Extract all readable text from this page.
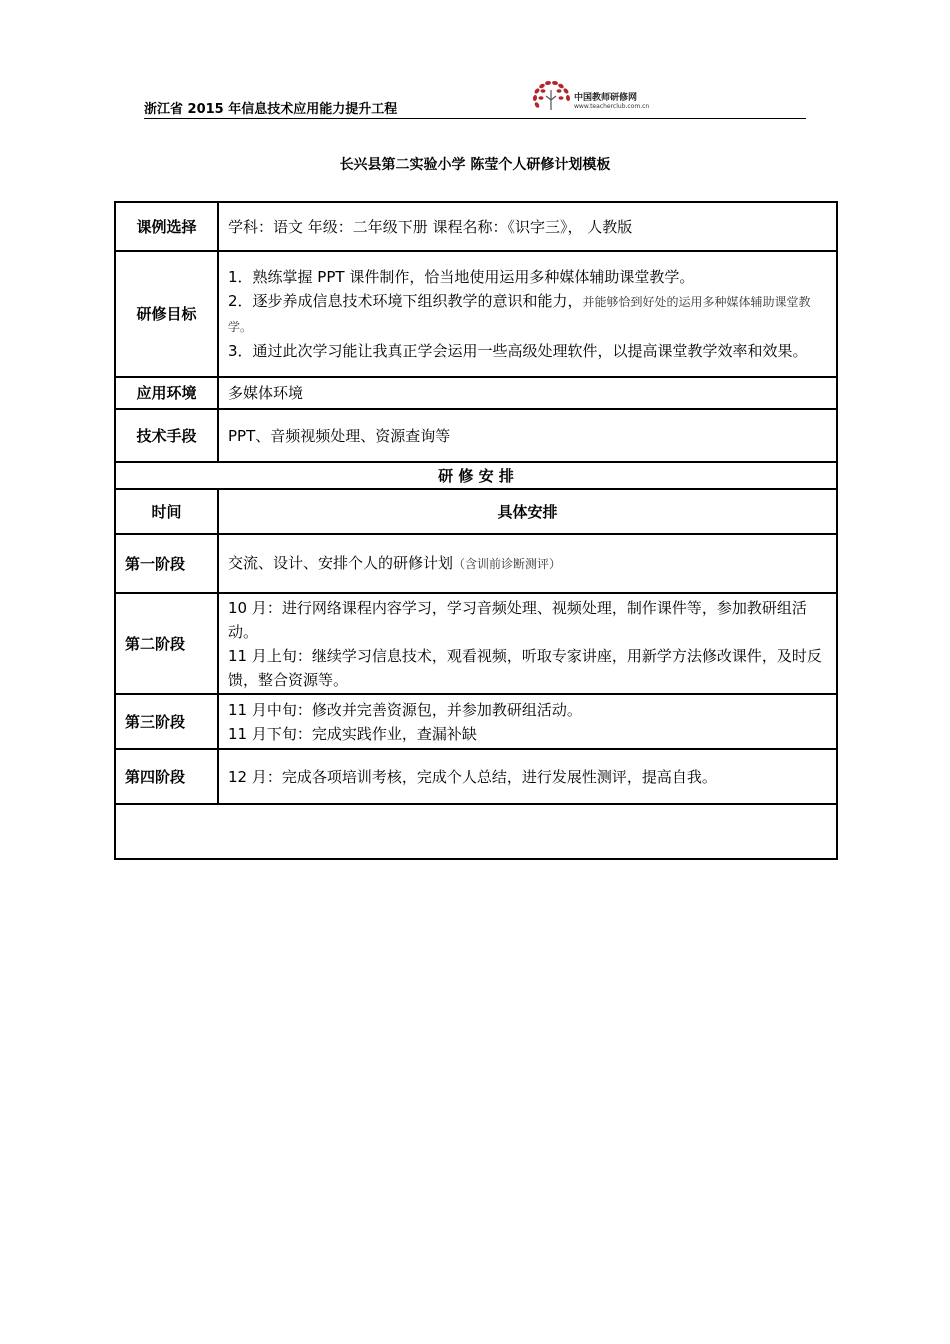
浙江省 2015 年信息技术应用能力提升工程
中国教师研修网
www.teacherclub.com.cn
长兴县第二实验小学 陈莹个人研修计划模板
课例选择	学科：语文 年级：二年级下册 课程名称：《识字三》， 人教版
研修目标	1．熟练掌握 PPT 课件制作，恰当地使用运用多种媒体辅助课堂教学。
2．逐步养成信息技术环境下组织教学的意识和能力，并能够恰到好处的运用多种媒体辅助课堂教学。
3．通过此次学习能让我真正学会运用一些高级处理软件，以提高课堂教学效率和效果。

应用环境	多媒体环境
技术手段	PPT、音频视频处理、资源查询等
研 修 安 排	
时间	具体安排
第一阶段	交流、设计、安排个人的研修计划（含训前诊断测评）
第二阶段	10 月：进行网络课程内容学习，学习音频处理、视频处理，制作课件等，参加教研组活动。
11 月上旬：继续学习信息技术，观看视频，听取专家讲座，用新学方法修改课件，及时反馈，整合资源等。

第三阶段	11 月中旬：修改并完善资源包，并参加教研组活动。
11 月下旬：完成实践作业，查漏补缺

第四阶段	12 月：完成各项培训考核，完成个人总结，进行发展性测评，提高自我。
